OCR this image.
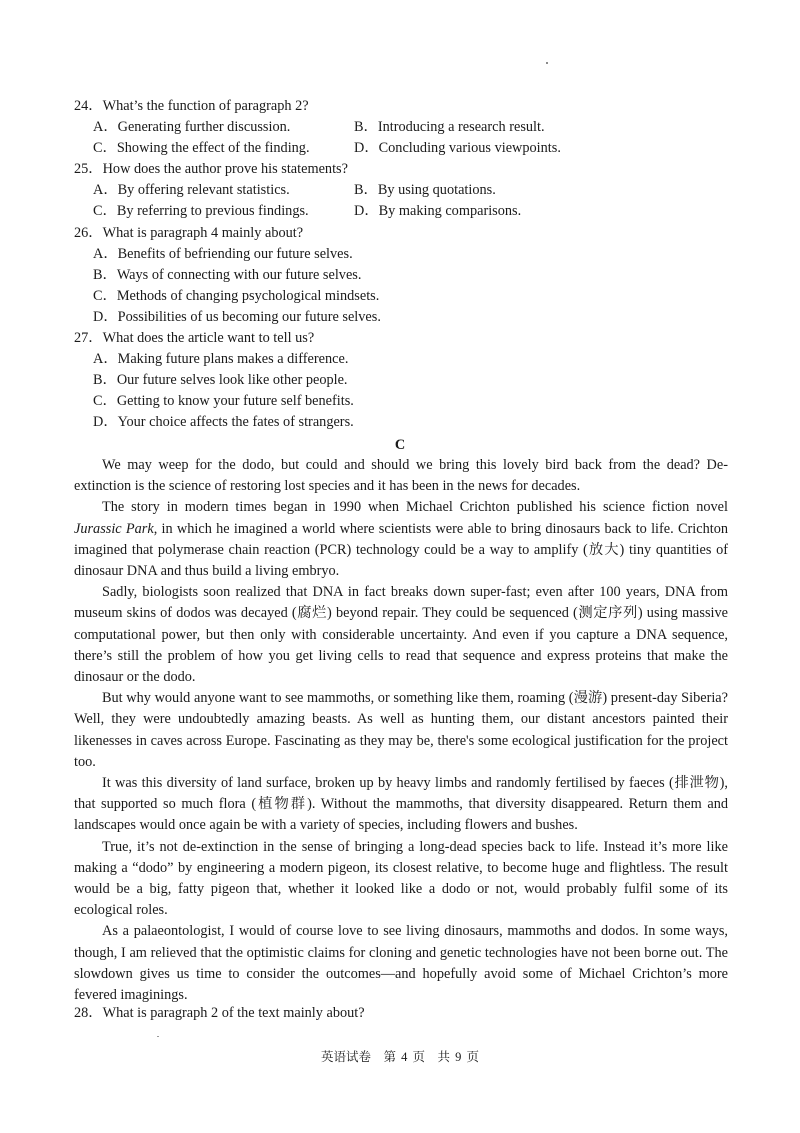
24．What’s the function of paragraph 2?
A．Generating further discussion.	B．Introducing a research result.
C．Showing the effect of the finding.	D．Concluding various viewpoints.
25．How does the author prove his statements?
A．By offering relevant statistics.	B．By using quotations.
C．By referring to previous findings.	D．By making comparisons.
26．What is paragraph 4 mainly about?
A．Benefits of befriending our future selves.
B．Ways of connecting with our future selves.
C．Methods of changing psychological mindsets.
D．Possibilities of us becoming our future selves.
27．What does the article want to tell us?
A．Making future plans makes a difference.
B．Our future selves look like other people.
C．Getting to know your future self benefits.
D．Your choice affects the fates of strangers.
C

We may weep for the dodo, but could and should we bring this lovely bird back from the dead? De-extinction is the science of restoring lost species and it has been in the news for decades.

The story in modern times began in 1990 when Michael Crichton published his science fiction novel Jurassic Park, in which he imagined a world where scientists were able to bring dinosaurs back to life. Crichton imagined that polymerase chain reaction (PCR) technology could be a way to amplify (放大) tiny quantities of dinosaur DNA and thus build a living embryo.

Sadly, biologists soon realized that DNA in fact breaks down super-fast; even after 100 years, DNA from museum skins of dodos was decayed (腐烂) beyond repair. They could be sequenced (测定序列) using massive computational power, but then only with considerable uncertainty. And even if you capture a DNA sequence, there’s still the problem of how you get living cells to read that sequence and express proteins that make the dinosaur or the dodo.

But why would anyone want to see mammoths, or something like them, roaming (漫游) present-day Siberia? Well, they were undoubtedly amazing beasts. As well as hunting them, our distant ancestors painted their likenesses in caves across Europe. Fascinating as they may be, there's some ecological justification for the project too.

It was this diversity of land surface, broken up by heavy limbs and randomly fertilised by faeces (排泄物), that supported so much flora (植物群). Without the mammoths, that diversity disappeared. Return them and landscapes would once again be with a variety of species, including flowers and bushes.

True, it’s not de-extinction in the sense of bringing a long-dead species back to life. Instead it’s more like making a “dodo” by engineering a modern pigeon, its closest relative, to become huge and flightless. The result would be a big, fatty pigeon that, whether it looked like a dodo or not, would probably fulfil some of its ecological roles.

As a palaeontologist, I would of course love to see living dinosaurs, mammoths and dodos. In some ways, though, I am relieved that the optimistic claims for cloning and genetic technologies have not been borne out. The slowdown gives us time to consider the outcomes—and hopefully avoid some of Michael Crichton’s more fevered imaginings.

28．What is paragraph 2 of the text mainly about?
英语试卷　第 4 页　共 9 页
